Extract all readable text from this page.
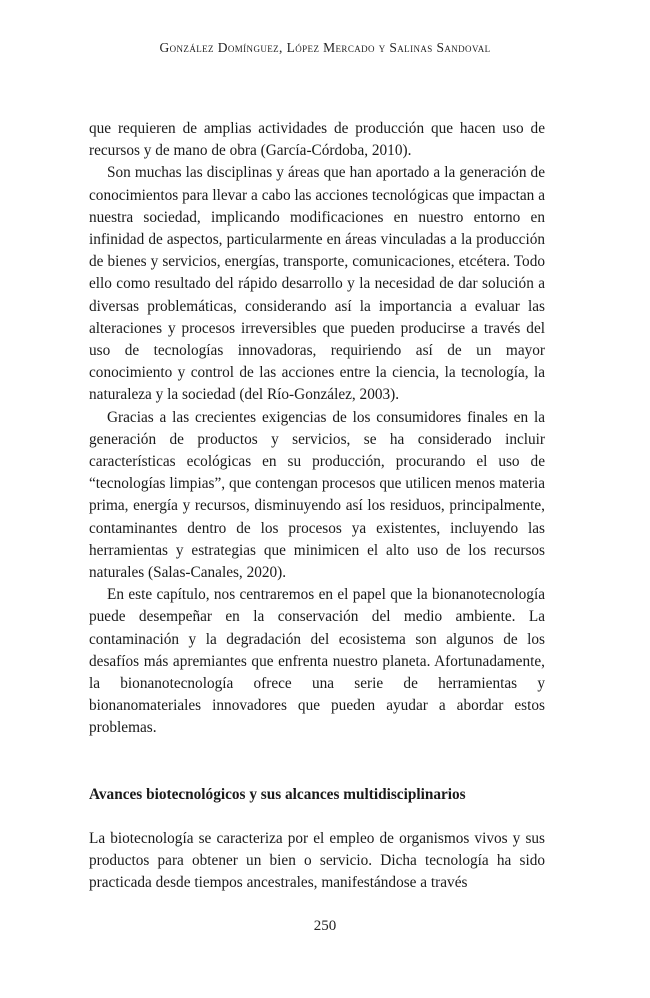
González Domínguez, López Mercado y Salinas Sandoval

que requieren de amplias actividades de producción que hacen uso de recursos y de mano de obra (García-Córdoba, 2010).

Son muchas las disciplinas y áreas que han aportado a la generación de conocimientos para llevar a cabo las acciones tecnológicas que impactan a nuestra sociedad, implicando modificaciones en nuestro entorno en infinidad de aspectos, particularmente en áreas vinculadas a la producción de bienes y servicios, energías, transporte, comunicaciones, etcétera. Todo ello como resultado del rápido desarrollo y la necesidad de dar solución a diversas problemáticas, considerando así la importancia a evaluar las alteraciones y procesos irreversibles que pueden producirse a través del uso de tecnologías innovadoras, requiriendo así de un mayor conocimiento y control de las acciones entre la ciencia, la tecnología, la naturaleza y la sociedad (del Río-González, 2003).

Gracias a las crecientes exigencias de los consumidores finales en la generación de productos y servicios, se ha considerado incluir características ecológicas en su producción, procurando el uso de “tecnologías limpias”, que contengan procesos que utilicen menos materia prima, energía y recursos, disminuyendo así los residuos, principalmente, contaminantes dentro de los procesos ya existentes, incluyendo las herramientas y estrategias que minimicen el alto uso de los recursos naturales (Salas-Canales, 2020).

En este capítulo, nos centraremos en el papel que la bionanotecnología puede desempeñar en la conservación del medio ambiente. La contaminación y la degradación del ecosistema son algunos de los desafíos más apremiantes que enfrenta nuestro planeta. Afortunadamente, la bionanotecnología ofrece una serie de herramientas y bionanomateriales innovadores que pueden ayudar a abordar estos problemas.

Avances biotecnológicos y sus alcances multidisciplinarios

La biotecnología se caracteriza por el empleo de organismos vivos y sus productos para obtener un bien o servicio. Dicha tecnología ha sido practicada desde tiempos ancestrales, manifestándose a través

250
